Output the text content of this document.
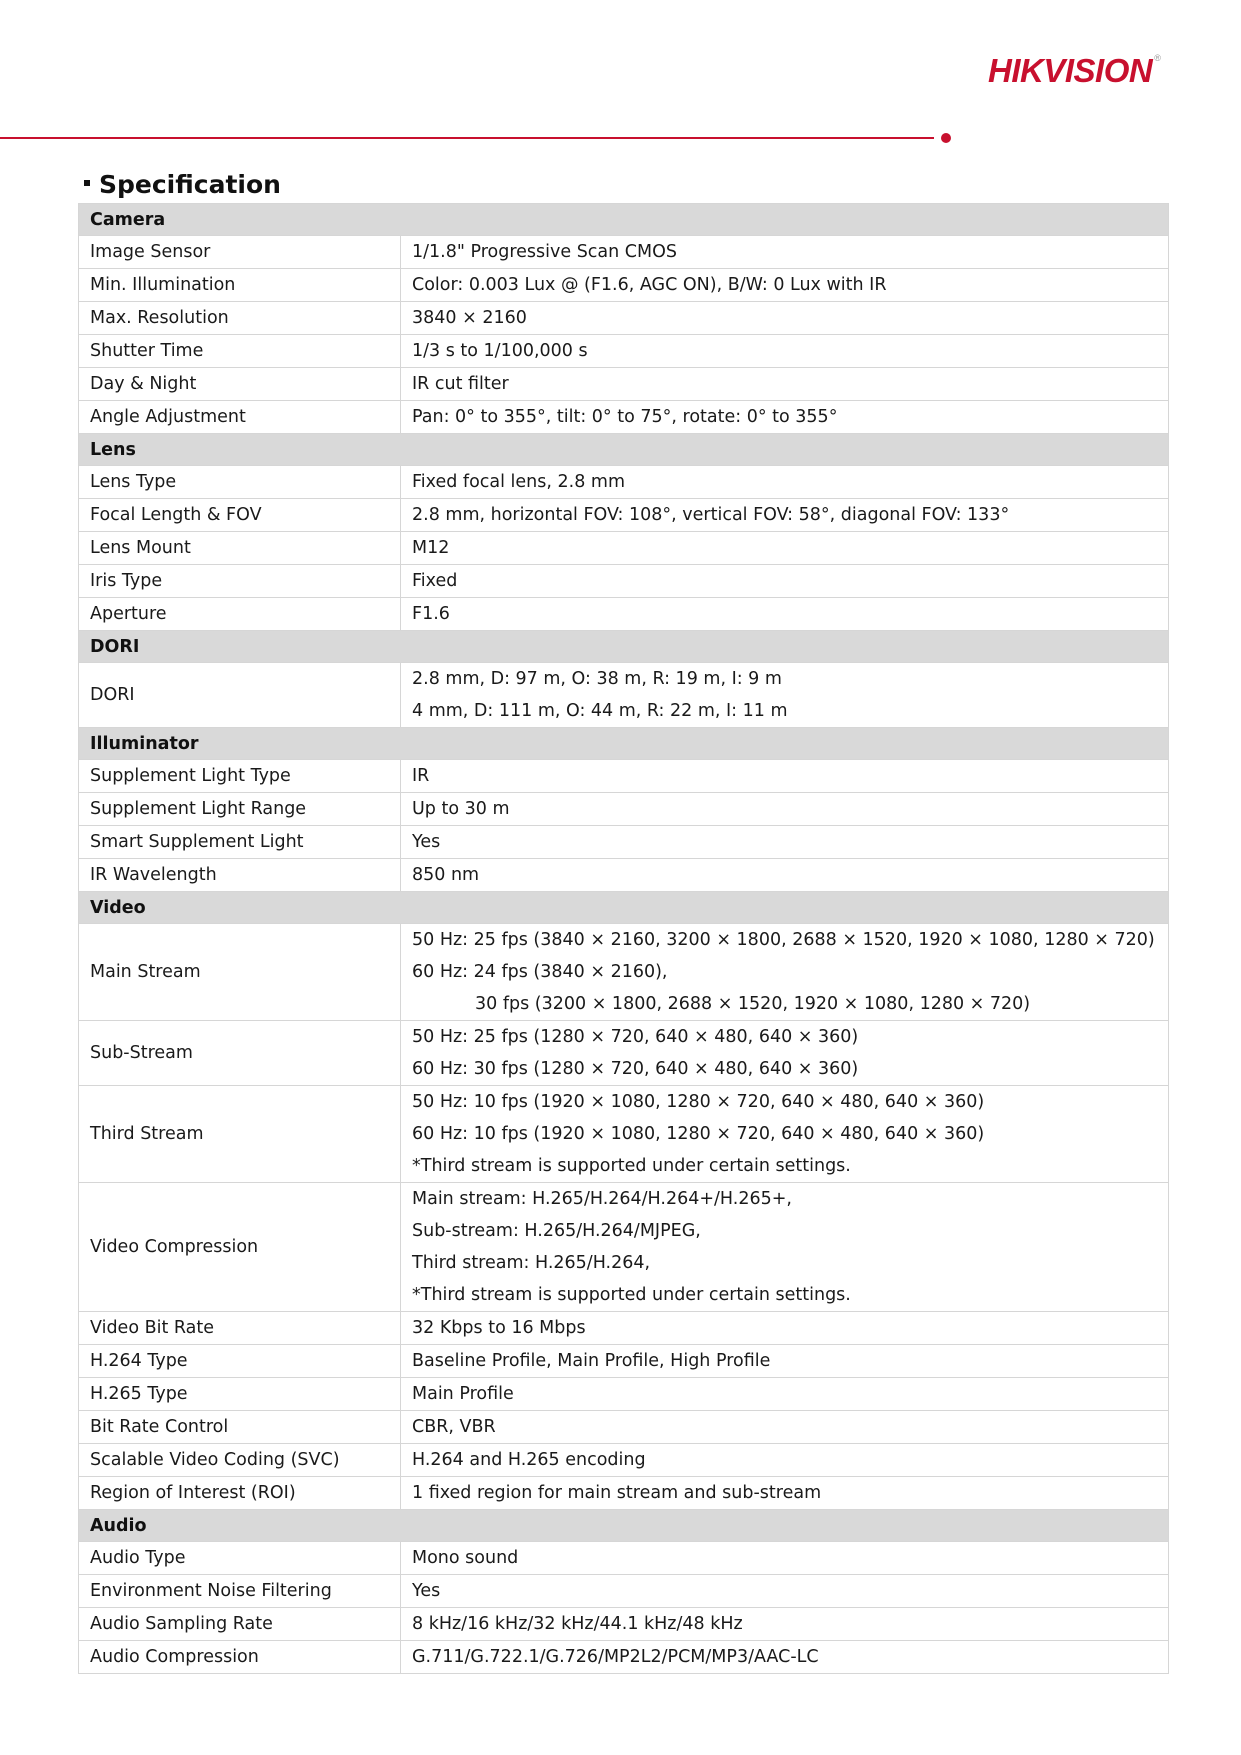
HIKVISION ®
Specification
Camera	
Image Sensor	1/1.8" Progressive Scan CMOS

Min. Illumination	Color: 0.003 Lux @ (F1.6, AGC ON), B/W: 0 Lux with IR

Max. Resolution	3840 × 2160

Shutter Time	1/3 s to 1/100,000 s

Day & Night	IR cut filter

Angle Adjustment	Pan: 0° to 355°, tilt: 0° to 75°, rotate: 0° to 355°

Lens	
Lens Type	Fixed focal lens, 2.8 mm

Focal Length & FOV	2.8 mm, horizontal FOV: 108°, vertical FOV: 58°, diagonal FOV: 133°

Lens Mount	M12

Iris Type	Fixed

Aperture	F1.6

DORI	
DORI	2.8 mm, D: 97 m, O: 38 m, R: 19 m, I: 9 m
4 mm, D: 111 m, O: 44 m, R: 22 m, I: 11 m

Illuminator	
Supplement Light Type	IR

Supplement Light Range	Up to 30 m

Smart Supplement Light	Yes

IR Wavelength	850 nm

Video	
Main Stream	50 Hz: 25 fps (3840 × 2160, 3200 × 1800, 2688 × 1520, 1920 × 1080, 1280 × 720)
60 Hz: 24 fps (3840 × 2160),
30 fps (3200 × 1800, 2688 × 1520, 1920 × 1080, 1280 × 720)

Sub-Stream	50 Hz: 25 fps (1280 × 720, 640 × 480, 640 × 360)
60 Hz: 30 fps (1280 × 720, 640 × 480, 640 × 360)

Third Stream	50 Hz: 10 fps (1920 × 1080, 1280 × 720, 640 × 480, 640 × 360)
60 Hz: 10 fps (1920 × 1080, 1280 × 720, 640 × 480, 640 × 360)
*Third stream is supported under certain settings.

Video Compression	Main stream: H.265/H.264/H.264+/H.265+,
Sub-stream: H.265/H.264/MJPEG,
Third stream: H.265/H.264,
*Third stream is supported under certain settings.

Video Bit Rate	32 Kbps to 16 Mbps

H.264 Type	Baseline Profile, Main Profile, High Profile

H.265 Type	Main Profile

Bit Rate Control	CBR, VBR

Scalable Video Coding (SVC)	H.264 and H.265 encoding

Region of Interest (ROI)	1 fixed region for main stream and sub-stream

Audio	
Audio Type	Mono sound

Environment Noise Filtering	Yes

Audio Sampling Rate	8 kHz/16 kHz/32 kHz/44.1 kHz/48 kHz

Audio Compression	G.711/G.722.1/G.726/MP2L2/PCM/MP3/AAC-LC
